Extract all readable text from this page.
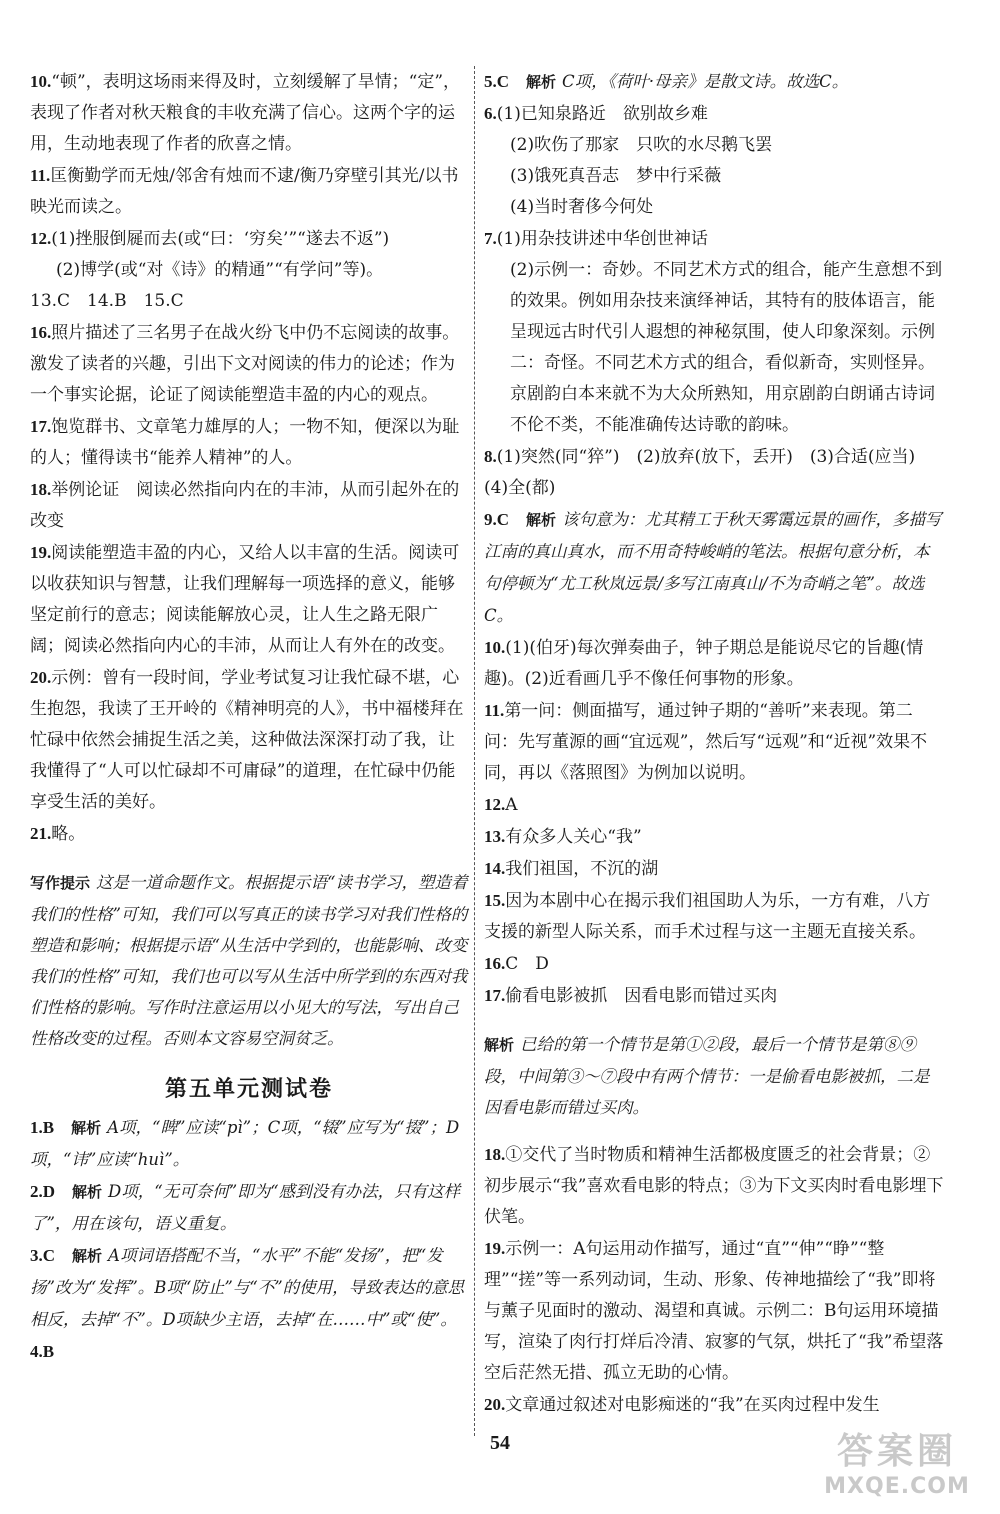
10.“顿”，表明这场雨来得及时，立刻缓解了旱情；“定”，表现了作者对秋天粮食的丰收充满了信心。这两个字的运用，生动地表现了作者的欣喜之情。

11.匡衡勤学而无烛/邻舍有烛而不逮/衡乃穿壁引其光/以书映光而读之。

12.(1)挫服倒屣而去(或“曰：‘穷矣’”“遂去不返”)

(2)博学(或“对《诗》的精通”“有学问”等)。

13.C　14.B　15.C

16.照片描述了三名男子在战火纷飞中仍不忘阅读的故事。激发了读者的兴趣，引出下文对阅读的伟力的论述；作为一个事实论据，论证了阅读能塑造丰盈的内心的观点。

17.饱览群书、文章笔力雄厚的人；一物不知，便深以为耻的人；懂得读书“能养人精神”的人。

18.举例论证　阅读必然指向内在的丰沛，从而引起外在的改变

19.阅读能塑造丰盈的内心，又给人以丰富的生活。阅读可以收获知识与智慧，让我们理解每一项选择的意义，能够坚定前行的意志；阅读能解放心灵，让人生之路无限广阔；阅读必然指向内心的丰沛，从而让人有外在的改变。

20.示例：曾有一段时间，学业考试复习让我忙碌不堪，心生抱怨，我读了王开岭的《精神明亮的人》，书中福楼拜在忙碌中依然会捕捉生活之美，这种做法深深打动了我，让我懂得了“人可以忙碌却不可庸碌”的道理，在忙碌中仍能享受生活的美好。

21.略。

写作提示 这是一道命题作文。根据提示语“读书学习，塑造着我们的性格”可知，我们可以写真正的读书学习对我们性格的塑造和影响；根据提示语“从生活中学到的，也能影响、改变我们的性格”可知，我们也可以写从生活中所学到的东西对我们性格的影响。写作时注意运用以小见大的写法，写出自己性格改变的过程。否则本文容易空洞贫乏。

第五单元测试卷

1.B　 解析 A项，“睥”应读“pì”；C项，“辍”应写为“掇”；D项，“讳”应读“huì”。

2.D　 解析 D项，“无可奈何”即为“感到没有办法，只有这样了”，用在该句，语义重复。

3.C　 解析 A项词语搭配不当，“水平”不能“发扬”，把“发扬”改为“发挥”。B项“防止”与“不”的使用，导致表达的意思相反，去掉“不”。D项缺少主语，去掉“在……中”或“使”。

4.B

5.C　 解析 C项，《荷叶·母亲》是散文诗。故选C。

6.(1)已知泉路近　欲别故乡难

(2)吹伤了那家　只吹的水尽鹅飞罢

(3)饿死真吾志　梦中行采薇

(4)当时奢侈今何处

7.(1)用杂技讲述中华创世神话

(2)示例一：奇妙。不同艺术方式的组合，能产生意想不到的效果。例如用杂技来演绎神话，其特有的肢体语言，能呈现远古时代引人遐想的神秘氛围，使人印象深刻。示例二：奇怪。不同艺术方式的组合，看似新奇，实则怪异。京剧韵白本来就不为大众所熟知，用京剧韵白朗诵古诗词不伦不类，不能准确传达诗歌的韵味。

8.(1)突然(同“猝”)　(2)放弃(放下，丢开)　(3)合适(应当)　(4)全(都)

9.C　 解析 该句意为：尤其精工于秋天雾霭远景的画作，多描写江南的真山真水，而不用奇特峻峭的笔法。根据句意分析，本句停顿为“尤工秋岚远景/多写江南真山/不为奇峭之笔”。故选C。

10.(1)(伯牙)每次弹奏曲子，钟子期总是能说尽它的旨趣(情趣)。(2)近看画几乎不像任何事物的形象。

11.第一问：侧面描写，通过钟子期的“善听”来表现。第二问：先写董源的画“宜远观”，然后写“远观”和“近视”效果不同，再以《落照图》为例加以说明。

12.A

13.有众多人关心“我”

14.我们祖国，不沉的湖

15.因为本剧中心在揭示我们祖国助人为乐，一方有难，八方支援的新型人际关系，而手术过程与这一主题无直接关系。

16.C　D

17.偷看电影被抓　因看电影而错过买肉

解析 已给的第一个情节是第①②段，最后一个情节是第⑧⑨段，中间第③～⑦段中有两个情节：一是偷看电影被抓，二是因看电影而错过买肉。

18.①交代了当时物质和精神生活都极度匮乏的社会背景；②初步展示“我”喜欢看电影的特点；③为下文买肉时看电影埋下伏笔。

19.示例一：A句运用动作描写，通过“直”“伸”“睁”“整理”“搓”等一系列动词，生动、形象、传神地描绘了“我”即将与薰子见面时的激动、渴望和真诚。示例二：B句运用环境描写，渲染了肉行打烊后冷清、寂寥的气氛，烘托了“我”希望落空后茫然无措、孤立无助的心情。

20.文章通过叙述对电影痴迷的“我”在买肉过程中发生

54	答案圈
MXQE.COM
